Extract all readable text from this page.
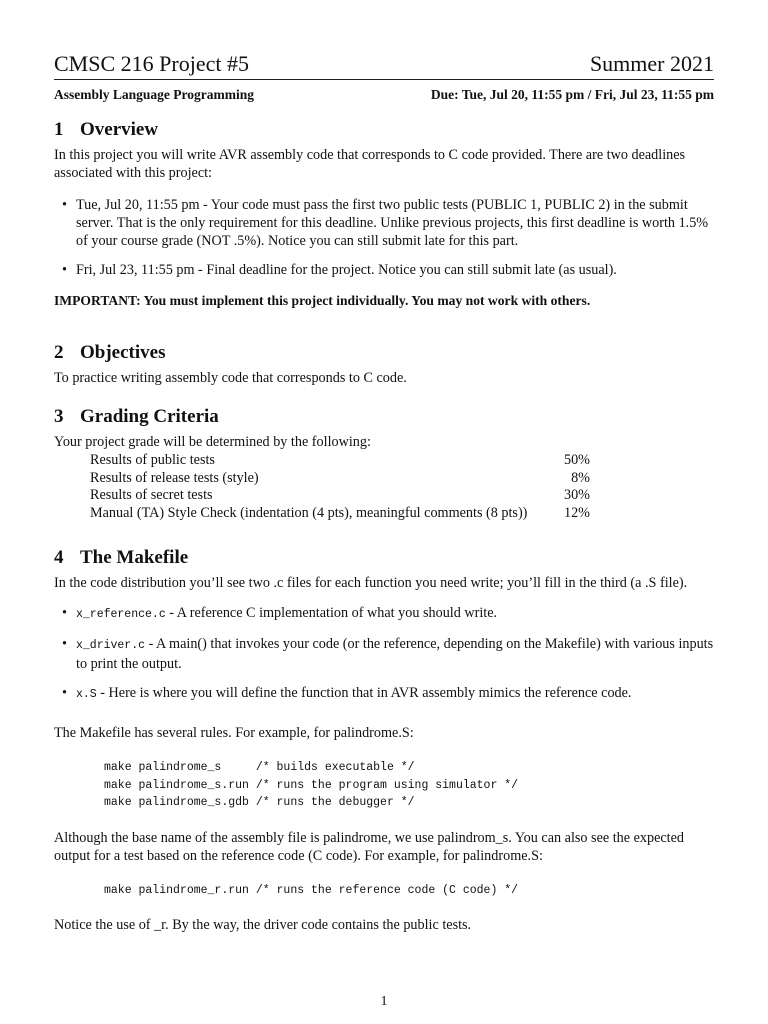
CMSC 216 Project #5	Summer 2021
Assembly Language Programming	Due: Tue, Jul 20, 11:55 pm / Fri, Jul 23, 11:55 pm
1 Overview

In this project you will write AVR assembly code that corresponds to C code provided. There are two deadlines associated with this project:

• Tue, Jul 20, 11:55 pm - Your code must pass the first two public tests (PUBLIC 1, PUBLIC 2) in the submit server. That is the only requirement for this deadline. Unlike previous projects, this first deadline is worth 1.5% of your course grade (NOT .5%). Notice you can still submit late for this part.
• Fri, Jul 23, 11:55 pm - Final deadline for the project. Notice you can still submit late (as usual).

IMPORTANT: You must implement this project individually. You may not work with others.

2 Objectives

To practice writing assembly code that corresponds to C code.

3 Grading Criteria

Your project grade will be determined by the following:

Results of public tests	50%
Results of release tests (style)	8%
Results of secret tests	30%
Manual (TA) Style Check (indentation (4 pts), meaningful comments (8 pts))	12%
4 The Makefile

In the code distribution you’ll see two .c files for each function you need write; you’ll fill in the third (a .S file).

• x_reference.c - A reference C implementation of what you should write.
• x_driver.c - A main() that invokes your code (or the reference, depending on the Makefile) with various inputs to print the output.
• x.S - Here is where you will define the function that in AVR assembly mimics the reference code.

The Makefile has several rules. For example, for palindrome.S:

make palindrome_s     /* builds executable */
make palindrome_s.run /* runs the program using simulator */
make palindrome_s.gdb /* runs the debugger */

Although the base name of the assembly file is palindrome, we use palindrom_s. You can also see the expected output for a test based on the reference code (C code). For example, for palindrome.S:

make palindrome_r.run /* runs the reference code (C code) */

Notice the use of _r. By the way, the driver code contains the public tests.

1
